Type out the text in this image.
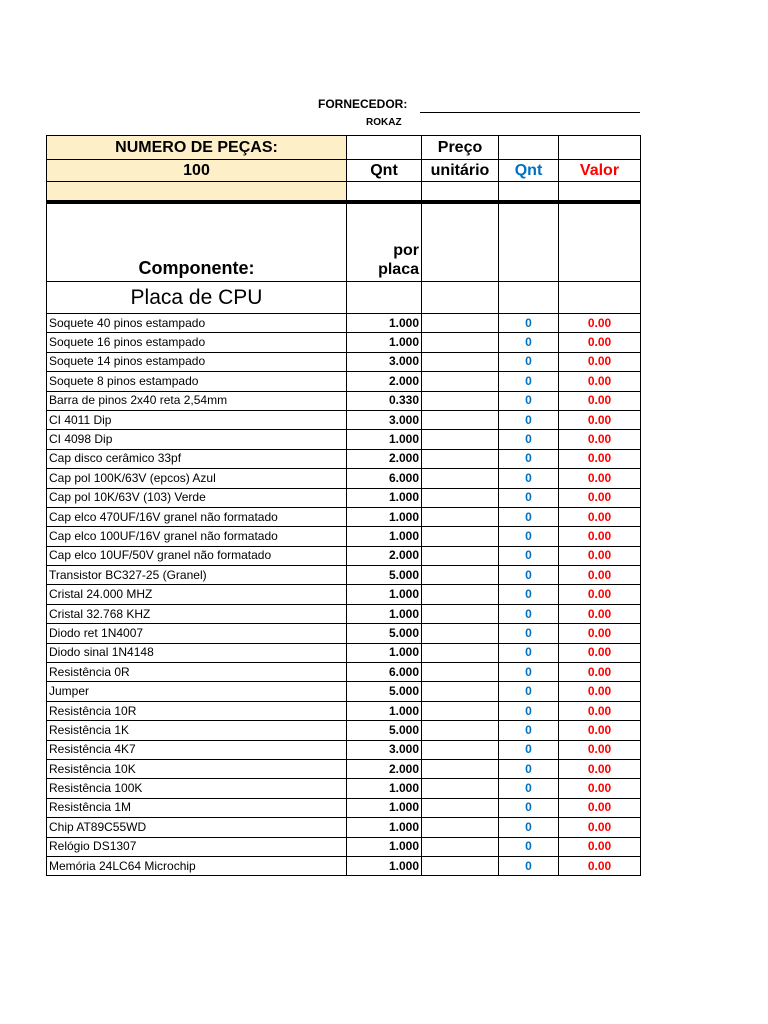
FORNECEDOR:
ROKAZ
NUMERO DE PEÇAS:		Preço		
100	Qnt	unitário	Qnt	Valor

Componente:	por
placa			
Placa de CPU				
Soquete 40 pinos estampado	1.000		0	0.00
Soquete 16 pinos estampado	1.000		0	0.00
Soquete 14 pinos estampado	3.000		0	0.00
Soquete 8 pinos estampado	2.000		0	0.00
Barra de pinos 2x40 reta 2,54mm	0.330		0	0.00
CI 4011 Dip	3.000		0	0.00
CI 4098 Dip	1.000		0	0.00
Cap disco cerâmico 33pf	2.000		0	0.00
Cap pol 100K/63V (epcos) Azul	6.000		0	0.00
Cap pol 10K/63V (103) Verde	1.000		0	0.00
Cap elco 470UF/16V granel não formatado	1.000		0	0.00
Cap elco 100UF/16V granel não formatado	1.000		0	0.00
Cap elco 10UF/50V granel não formatado	2.000		0	0.00
Transistor BC327-25 (Granel)	5.000		0	0.00
Cristal 24.000 MHZ	1.000		0	0.00
Cristal 32.768 KHZ	1.000		0	0.00
Diodo ret 1N4007	5.000		0	0.00
Diodo sinal 1N4148	1.000		0	0.00
Resistência 0R	6.000		0	0.00
Jumper	5.000		0	0.00
Resistência 10R	1.000		0	0.00
Resistência 1K	5.000		0	0.00
Resistência 4K7	3.000		0	0.00
Resistência 10K	2.000		0	0.00
Resistência 100K	1.000		0	0.00
Resistência 1M	1.000		0	0.00
Chip AT89C55WD	1.000		0	0.00
Relógio DS1307	1.000		0	0.00
Memória 24LC64 Microchip	1.000		0	0.00
